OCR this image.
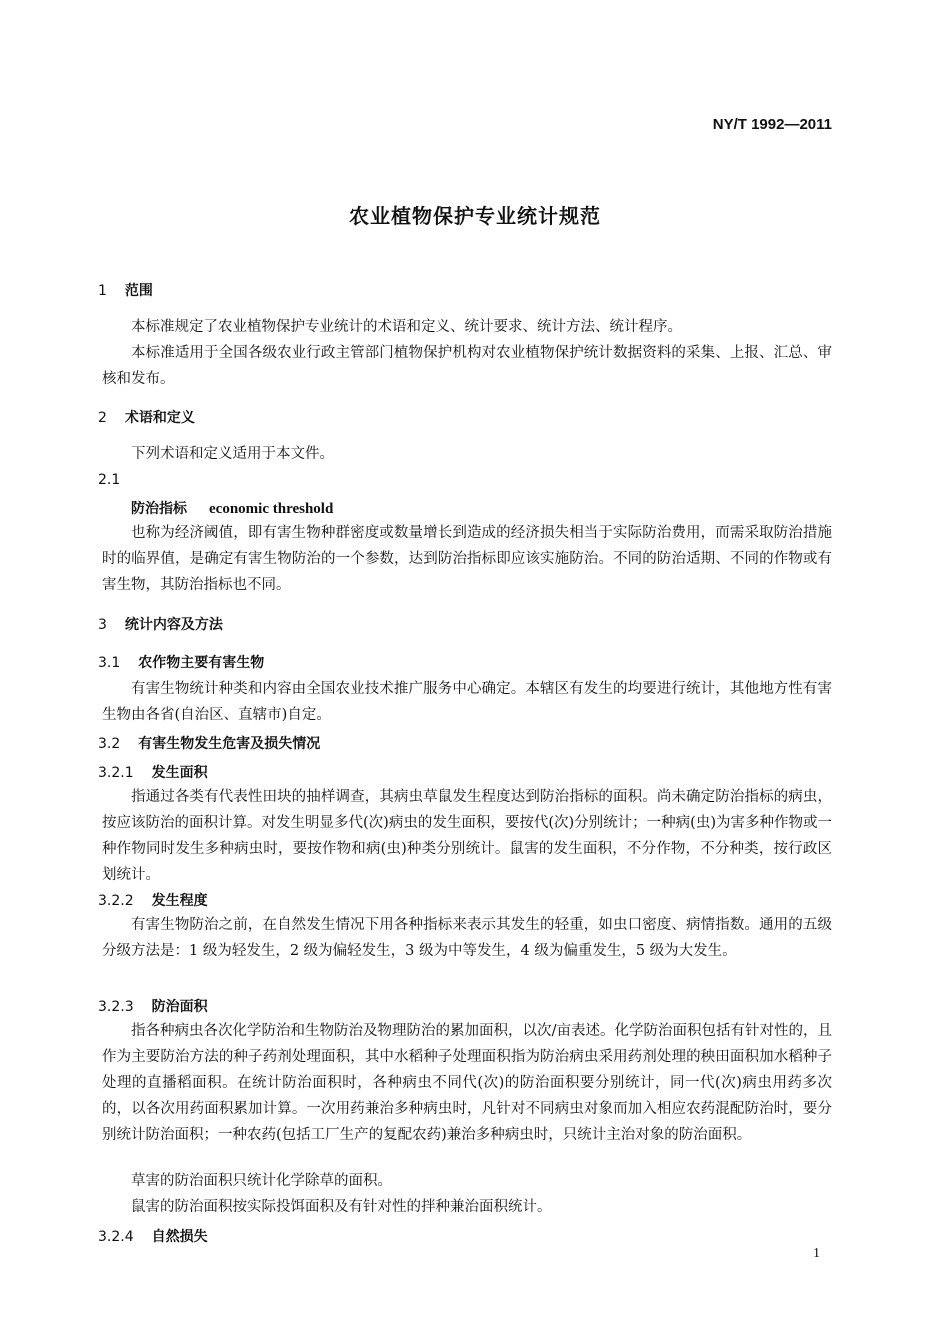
NY/T 1992—2011
农业植物保护专业统计规范
1 范围
本标准规定了农业植物保护专业统计的术语和定义、统计要求、统计方法、统计程序。
本标准适用于全国各级农业行政主管部门植物保护机构对农业植物保护统计数据资料的采集、上报、汇总、审核和发布。
2 术语和定义
下列术语和定义适用于本文件。
2.1
防治指标 economic threshold
也称为经济阈值，即有害生物种群密度或数量增长到造成的经济损失相当于实际防治费用，而需采取防治措施时的临界值，是确定有害生物防治的一个参数，达到防治指标即应该实施防治。不同的防治适期、不同的作物或有害生物，其防治指标也不同。
3 统计内容及方法
3.1 农作物主要有害生物
有害生物统计种类和内容由全国农业技术推广服务中心确定。本辖区有发生的均要进行统计，其他地方性有害生物由各省(自治区、直辖市)自定。
3.2 有害生物发生危害及损失情况
3.2.1 发生面积
指通过各类有代表性田块的抽样调查，其病虫草鼠发生程度达到防治指标的面积。尚未确定防治指标的病虫，按应该防治的面积计算。对发生明显多代(次)病虫的发生面积，要按代(次)分别统计；一种病(虫)为害多种作物或一种作物同时发生多种病虫时，要按作物和病(虫)种类分别统计。鼠害的发生面积，不分作物，不分种类，按行政区划统计。
3.2.2 发生程度
有害生物防治之前，在自然发生情况下用各种指标来表示其发生的轻重，如虫口密度、病情指数。通用的五级分级方法是：1 级为轻发生，2 级为偏轻发生，3 级为中等发生，4 级为偏重发生，5 级为大发生。
3.2.3 防治面积
指各种病虫各次化学防治和生物防治及物理防治的累加面积，以次/亩表述。化学防治面积包括有针对性的，且作为主要防治方法的种子药剂处理面积，其中水稻种子处理面积指为防治病虫采用药剂处理的秧田面积加水稻种子处理的直播稻面积。在统计防治面积时，各种病虫不同代(次)的防治面积要分别统计，同一代(次)病虫用药多次的，以各次用药面积累加计算。一次用药兼治多种病虫时，凡针对不同病虫对象而加入相应农药混配防治时，要分别统计防治面积；一种农药(包括工厂生产的复配农药)兼治多种病虫时，只统计主治对象的防治面积。
草害的防治面积只统计化学除草的面积。
鼠害的防治面积按实际投饵面积及有针对性的拌种兼治面积统计。
3.2.4 自然损失
1
